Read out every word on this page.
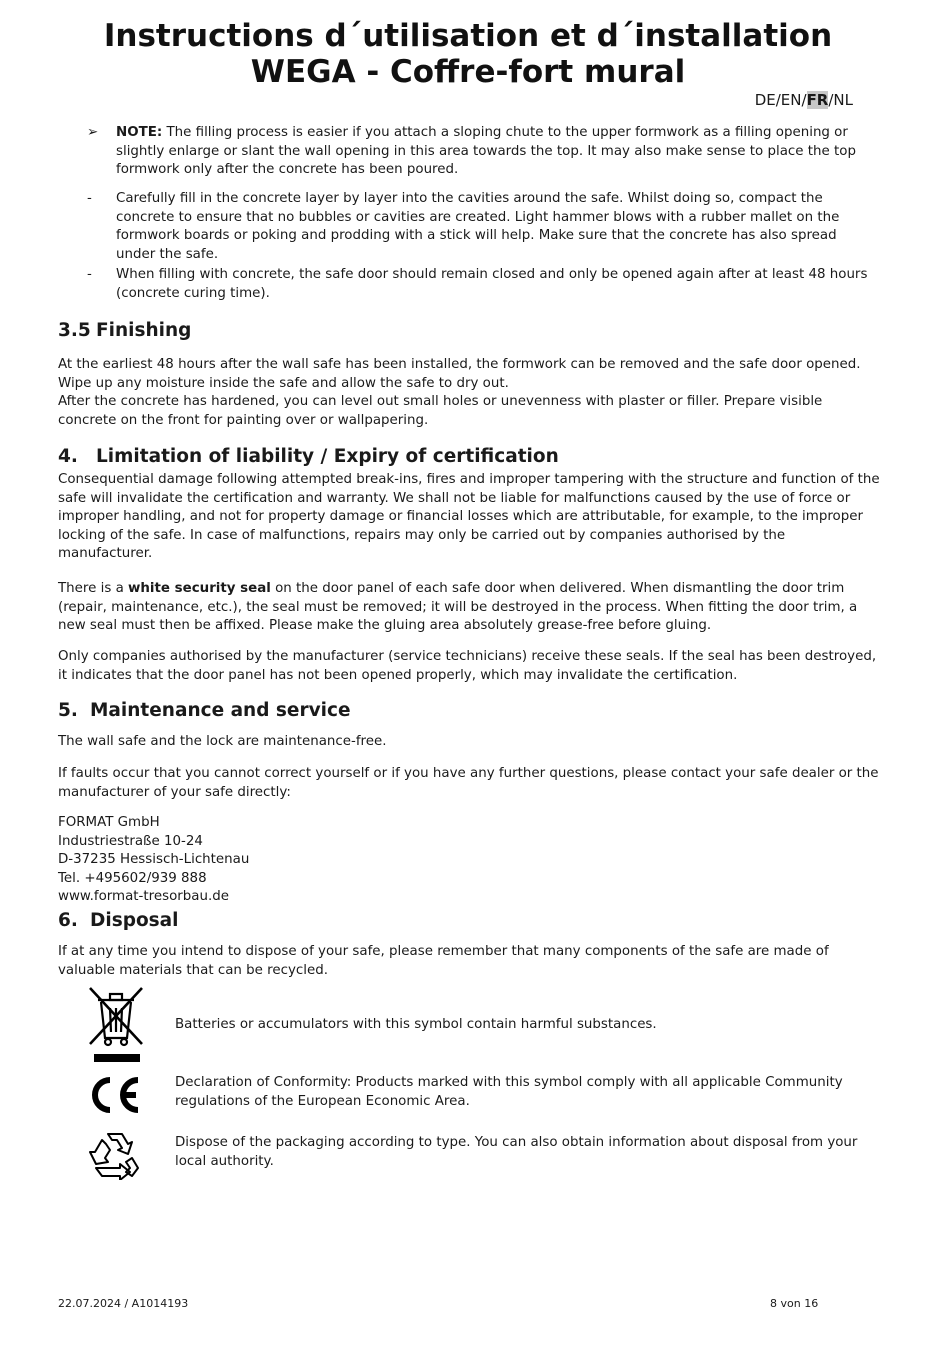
Instructions d´utilisation et d´installation
WEGA - Coffre-fort mural
DE/EN/FR/NL
➢ NOTE: The filling process is easier if you attach a sloping chute to the upper formwork as a filling opening or slightly enlarge or slant the wall opening in this area towards the top. It may also make sense to place the top formwork only after the concrete has been poured.

- Carefully fill in the concrete layer by layer into the cavities around the safe. Whilst doing so, compact the concrete to ensure that no bubbles or cavities are created. Light hammer blows with a rubber mallet on the formwork boards or poking and prodding with a stick will help. Make sure that the concrete has also spread under the safe.

- When filling with concrete, the safe door should remain closed and only be opened again after at least 48 hours (concrete curing time).

3.5 Finishing

At the earliest 48 hours after the wall safe has been installed, the formwork can be removed and the safe door opened. Wipe up any moisture inside the safe and allow the safe to dry out.

After the concrete has hardened, you can level out small holes or unevenness with plaster or filler. Prepare visible concrete on the front for painting over or wallpapering.

4. Limitation of liability / Expiry of certification

Consequential damage following attempted break-ins, fires and improper tampering with the structure and function of the safe will invalidate the certification and warranty. We shall not be liable for malfunctions caused by the use of force or improper handling, and not for property damage or financial losses which are attributable, for example, to the improper locking of the safe. In case of malfunctions, repairs may only be carried out by companies authorised by the manufacturer.

There is a white security seal on the door panel of each safe door when delivered. When dismantling the door trim (repair, maintenance, etc.), the seal must be removed; it will be destroyed in the process. When fitting the door trim, a new seal must then be affixed. Please make the gluing area absolutely grease-free before gluing.

Only companies authorised by the manufacturer (service technicians) receive these seals. If the seal has been destroyed, it indicates that the door panel has not been opened properly, which may invalidate the certification.

5. Maintenance and service

The wall safe and the lock are maintenance-free.

If faults occur that you cannot correct yourself or if you have any further questions, please contact your safe dealer or the manufacturer of your safe directly:

FORMAT GmbH
Industriestraße 10-24
D-37235 Hessisch-Lichtenau
Tel. +495602/939 888
www.format-tresorbau.de
6. Disposal

If at any time you intend to dispose of your safe, please remember that many components of the safe are made of valuable materials that can be recycled.

Batteries or accumulators with this symbol contain harmful substances.

Declaration of Conformity: Products marked with this symbol comply with all applicable Community regulations of the European Economic Area.

Dispose of the packaging according to type. You can also obtain information about disposal from your local authority.

22.07.2024 / A1014193	8 von 16
